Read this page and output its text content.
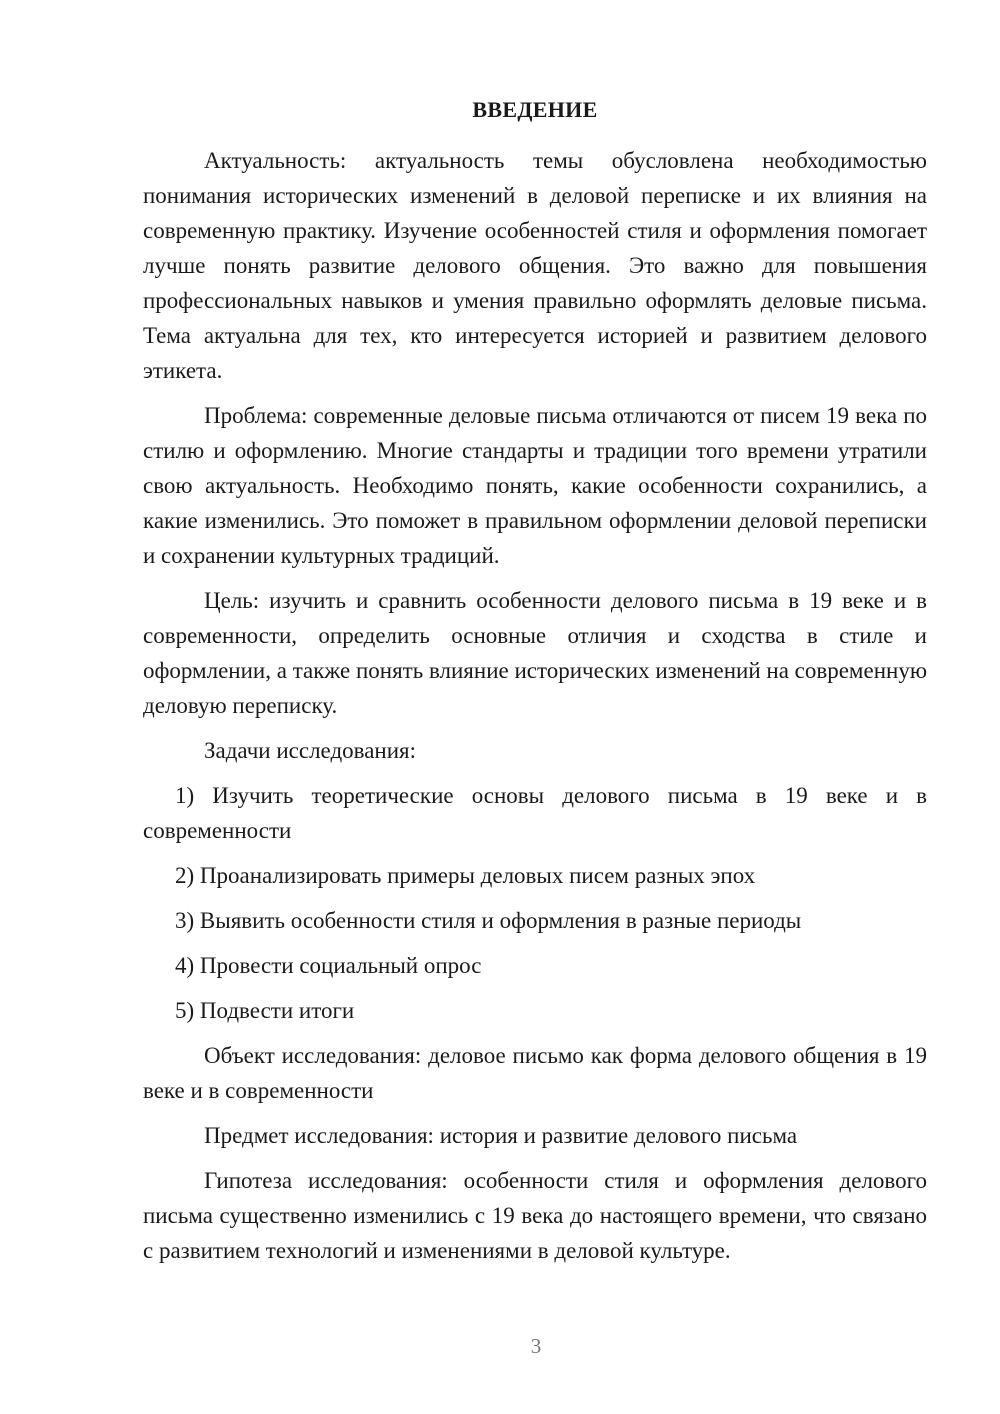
ВВЕДЕНИЕ

Актуальность: актуальность темы обусловлена необходимостью понимания исторических изменений в деловой переписке и их влияния на современную практику. Изучение особенностей стиля и оформления помогает лучше понять развитие делового общения. Это важно для повышения профессиональных навыков и умения правильно оформлять деловые письма. Тема актуальна для тех, кто интересуется историей и развитием делового этикета.

Проблема: современные деловые письма отличаются от писем 19 века по стилю и оформлению. Многие стандарты и традиции того времени утратили свою актуальность. Необходимо понять, какие особенности сохранились, а какие изменились. Это поможет в правильном оформлении деловой переписки и сохранении культурных традиций.

Цель: изучить и сравнить особенности делового письма в 19 веке и в современности, определить основные отличия и сходства в стиле и оформлении, а также понять влияние исторических изменений на современную деловую переписку.

Задачи исследования:

1) Изучить теоретические основы делового письма в 19 веке и в современности

2) Проанализировать примеры деловых писем разных эпох

3) Выявить особенности стиля и оформления в разные периоды

4) Провести социальный опрос

5) Подвести итоги

Объект исследования: деловое письмо как форма делового общения в 19 веке и в современности

Предмет исследования: история и развитие делового письма

Гипотеза исследования: особенности стиля и оформления делового письма существенно изменились с 19 века до настоящего времени, что связано с развитием технологий и изменениями в деловой культуре.

3
